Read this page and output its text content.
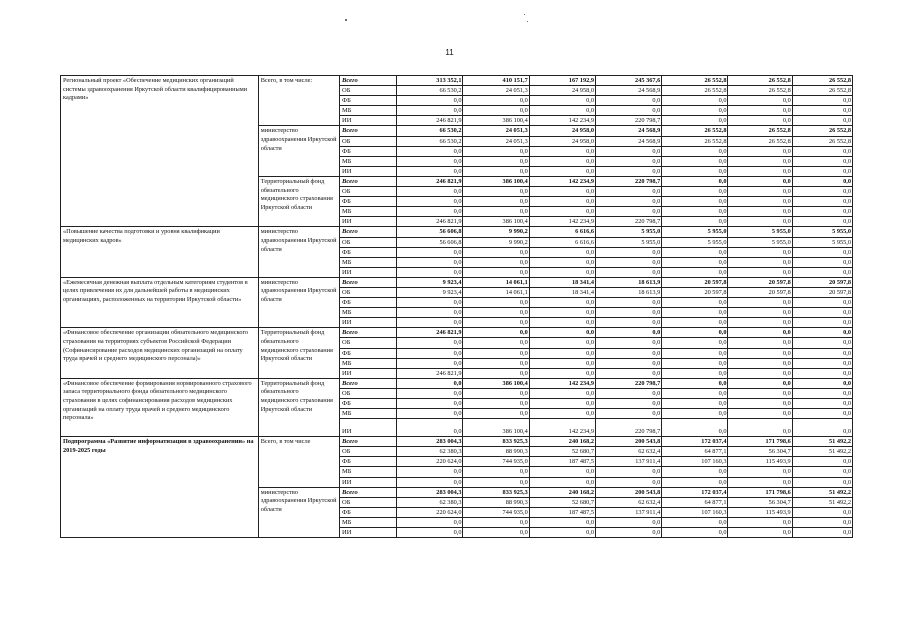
11
Региональный проект «Обеспечение медицинских организаций системы здравоохранения Иркутской области квалифицированными кадрами»	Всего, в том числе:	Всего	313 352,1	410 151,7	167 192,9	245 367,6	26 552,8	26 552,8	26 552,8
		ОБ	66 530,2	24 051,3	24 958,0	24 568,9	26 552,8	26 552,8	26 552,8
		ФБ	0,0	0,0	0,0	0,0	0,0	0,0	0,0
		МБ	0,0	0,0	0,0	0,0	0,0	0,0	0,0
		ИИ	246 821,9	386 100,4	142 234,9	220 798,7	0,0	0,0	0,0
	министерство здравоохранения Иркутской области	Всего	66 530,2	24 051,3	24 958,0	24 568,9	26 552,8	26 552,8	26 552,8
		ОБ	66 530,2	24 051,3	24 958,0	24 568,9	26 552,8	26 552,8	26 552,8
		ФБ	0,0	0,0	0,0	0,0	0,0	0,0	0,0
		МБ	0,0	0,0	0,0	0,0	0,0	0,0	0,0
		ИИ	0,0	0,0	0,0	0,0	0,0	0,0	0,0
	Территориальный фонд обязательного медицинского страхования Иркутской области	Всего	246 821,9	386 100,4	142 234,9	220 798,7	0,0	0,0	0,0
		ОБ	0,0	0,0	0,0	0,0	0,0	0,0	0,0
		ФБ	0,0	0,0	0,0	0,0	0,0	0,0	0,0
		МБ	0,0	0,0	0,0	0,0	0,0	0,0	0,0
		ИИ	246 821,9	386 100,4	142 234,9	220 798,7	0,0	0,0	0,0
«Повышение качества подготовки и уровня квалификации медицинских кадров»	министерство здравоохранения Иркутской области	Всего	56 606,8	9 990,2	6 616,6	5 955,0	5 955,0	5 955,0	5 955,0
		ОБ	56 606,8	9 990,2	6 616,6	5 955,0	5 955,0	5 955,0	5 955,0
		ФБ	0,0	0,0	0,0	0,0	0,0	0,0	0,0
		МБ	0,0	0,0	0,0	0,0	0,0	0,0	0,0
		ИИ	0,0	0,0	0,0	0,0	0,0	0,0	0,0
«Ежемесячная денежная выплата отдельным категориям студентов в целях привлечения их для дальнейшей работы в медицинских организациях, расположенных на территории Иркутской области»	министерство здравоохранения Иркутской области	Всего	9 923,4	14 061,1	18 341,4	18 613,9	20 597,8	20 597,8	20 597,8
		ОБ	9 923,4	14 061,1	18 341,4	18 613,9	20 597,8	20 597,8	20 597,8
		ФБ	0,0	0,0	0,0	0,0	0,0	0,0	0,0
		МБ	0,0	0,0	0,0	0,0	0,0	0,0	0,0
		ИИ	0,0	0,0	0,0	0,0	0,0	0,0	0,0
«Финансовое обеспечение организации обязательного медицинского страхования на территориях субъектов Российской Федерации (Софинансирование расходов медицинских организаций на оплату труда врачей и среднего медицинского персонала)»	Территориальный фонд обязательного медицинского страхования Иркутской области	Всего	246 821,9	0,0	0,0	0,0	0,0	0,0	0,0
		ОБ	0,0	0,0	0,0	0,0	0,0	0,0	0,0
		ФБ	0,0	0,0	0,0	0,0	0,0	0,0	0,0
		МБ	0,0	0,0	0,0	0,0	0,0	0,0	0,0
		ИИ	246 821,9	0,0	0,0	0,0	0,0	0,0	0,0
«Финансовое обеспечение формирования нормированного страхового запаса территориального фонда обязательного медицинского страхования в целях софинансирования расходов медицинских организаций на оплату труда врачей и среднего медицинского персонала»	Территориальный фонд обязательного медицинского страхования Иркутской области	Всего	0,0	386 100,4	142 234,9	220 798,7	0,0	0,0	0,0
		ОБ	0,0	0,0	0,0	0,0	0,0	0,0	0,0
		ФБ	0,0	0,0	0,0	0,0	0,0	0,0	0,0
		МБ	0,0	0,0	0,0	0,0	0,0	0,0	0,0
		ИИ	0,0	386 100,4	142 234,9	220 798,7	0,0	0,0	0,0
Подпрограмма «Развитие информатизации в здравоохранении» на 2019-2025 годы	Всего, в том числе	Всего	283 004,3	833 925,3	240 168,2	200 543,8	172 037,4	171 798,6	51 492,2
		ОБ	62 380,3	88 990,3	52 680,7	62 632,4	64 877,1	56 304,7	51 492,2
		ФБ	220 624,0	744 935,0	187 487,5	137 911,4	107 160,3	115 493,9	0,0
		МБ	0,0	0,0	0,0	0,0	0,0	0,0	0,0
		ИИ	0,0	0,0	0,0	0,0	0,0	0,0	0,0
	министерство здравоохранения Иркутской области	Всего	283 004,3	833 925,3	240 168,2	200 543,8	172 037,4	171 798,6	51 492,2
		ОБ	62 380,3	88 990,3	52 680,7	62 632,4	64 877,1	56 304,7	51 492,2
		ФБ	220 624,0	744 935,0	187 487,5	137 911,4	107 160,3	115 493,9	0,0
		МБ	0,0	0,0	0,0	0,0	0,0	0,0	0,0
		ИИ	0,0	0,0	0,0	0,0	0,0	0,0	0,0
